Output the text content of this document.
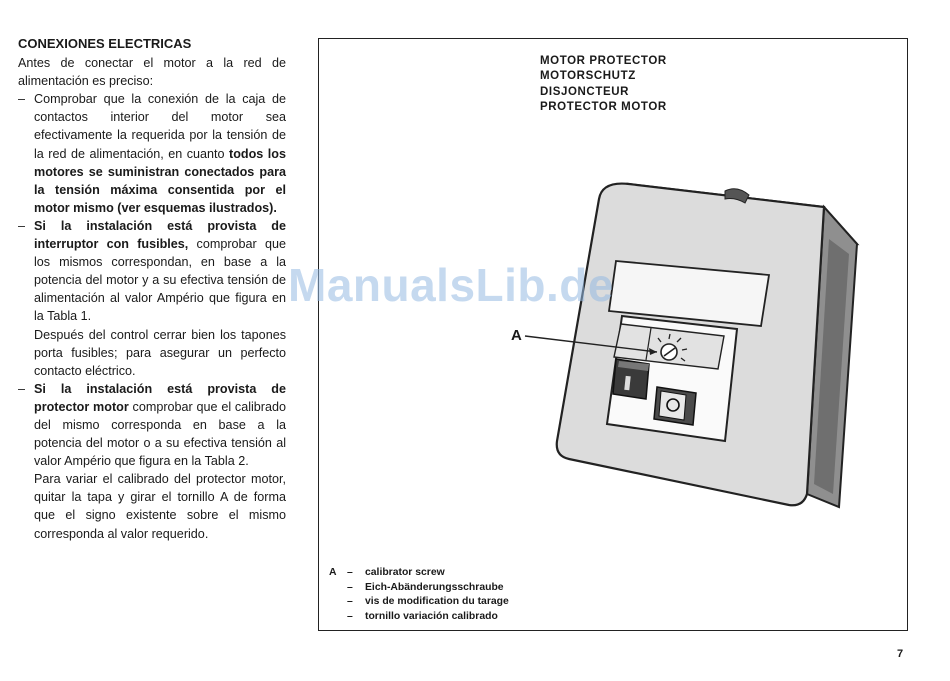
CONEXIONES ELECTRICAS

Antes de conectar el motor a la red de alimentación es preciso:

– Comprobar que la conexión de la caja de contactos interior del motor sea efectivamente la requerida por la tensión de la red de alimentación, en cuanto todos los motores se suministran conectados para la tensión máxima consentida por el motor mismo (ver esquemas ilustrados).
– Si la instalación está provista de interruptor con fusibles, comprobar que los mismos correspondan, en base a la potencia del motor y a su efectiva tensión de alimentación al valor Ampério que figura en la Tabla 1.

Después del control cerrar bien los tapones porta fusibles; para asegurar un perfecto contacto eléctrico.

– Si la instalación está provista de protector motor comprobar que el calibrado del mismo corresponda en base a la potencia del motor o a su efectiva tensión al valor Ampério que figura en la Tabla 2.

Para variar el calibrado del protector motor, quitar la tapa y girar el tornillo A de forma que el signo existente sobre el mismo corresponda al valor requerido.

MOTOR PROTECTOR
MOTORSCHUTZ
DISJONCTEUR
PROTECTOR MOTOR
A
A	–	calibrator screw
–	Eich-Abänderungsschraube
–	vis de modification du tarage
–	tornillo variación calibrado
ManualsLib.de
7
